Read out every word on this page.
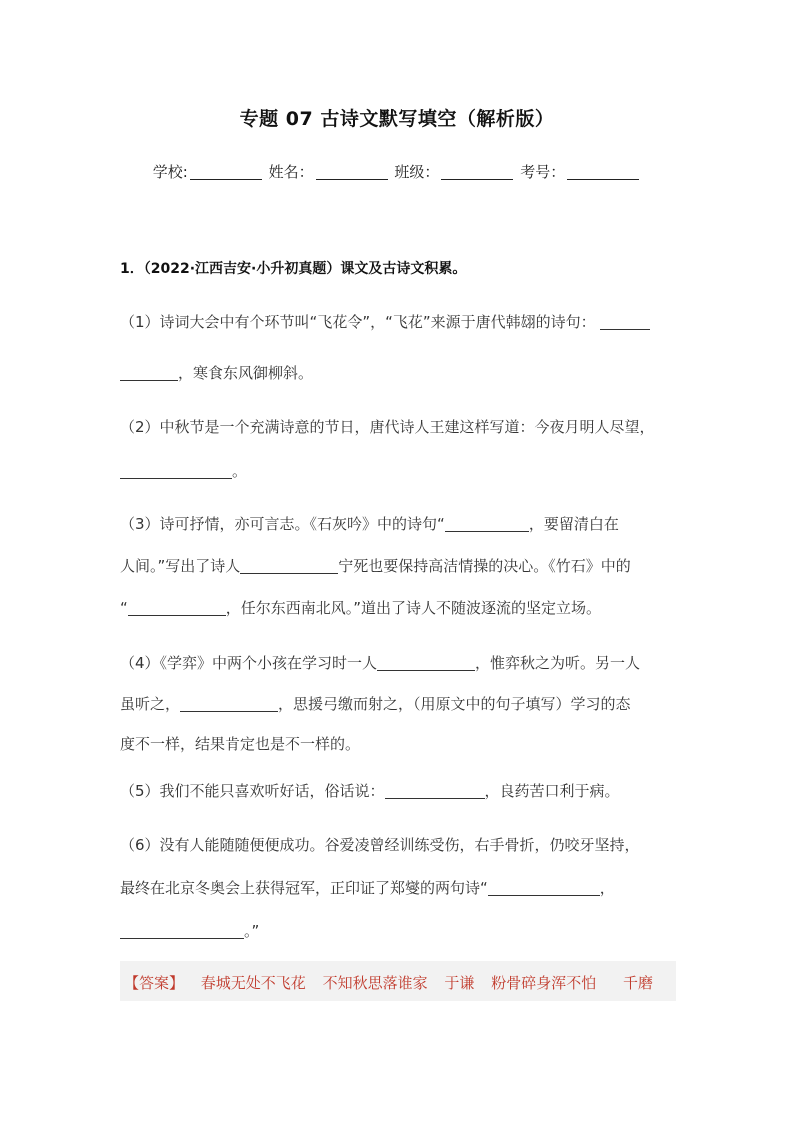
专题 07 古诗文默写填空（解析版）
学校:	姓名：	班级：	考号：
1．（2022·江西吉安·小升初真题）课文及古诗文积累。
（1）诗词大会中有个环节叫“飞花令”，“飞花”来源于唐代韩翃的诗句：
，寒食东风御柳斜。
（2）中秋节是一个充满诗意的节日，唐代诗人王建这样写道：今夜月明人尽望，
。
（3）诗可抒情，亦可言志。《石灰吟》中的诗句“	，要留清白在
人间。”写出了诗人	宁死也要保持高洁情操的决心。《竹石》中的
“	，任尔东西南北风。”道出了诗人不随波逐流的坚定立场。
（4）《学弈》中两个小孩在学习时一人	，惟弈秋之为听。另一人
虽听之，	，思援弓缴而射之，（用原文中的句子填写）学习的态
度不一样，结果肯定也是不一样的。
（5）我们不能只喜欢听好话，俗话说：	，良药苦口利于病。
（6）没有人能随随便便成功。谷爱凌曾经训练受伤，右手骨折，仍咬牙坚持，
最终在北京冬奥会上获得冠军，正印证了郑燮的两句诗“	，
。”
【答案】 春城无处不飞花 不知秋思落谁家 于谦 粉骨碎身浑不怕 千磨
